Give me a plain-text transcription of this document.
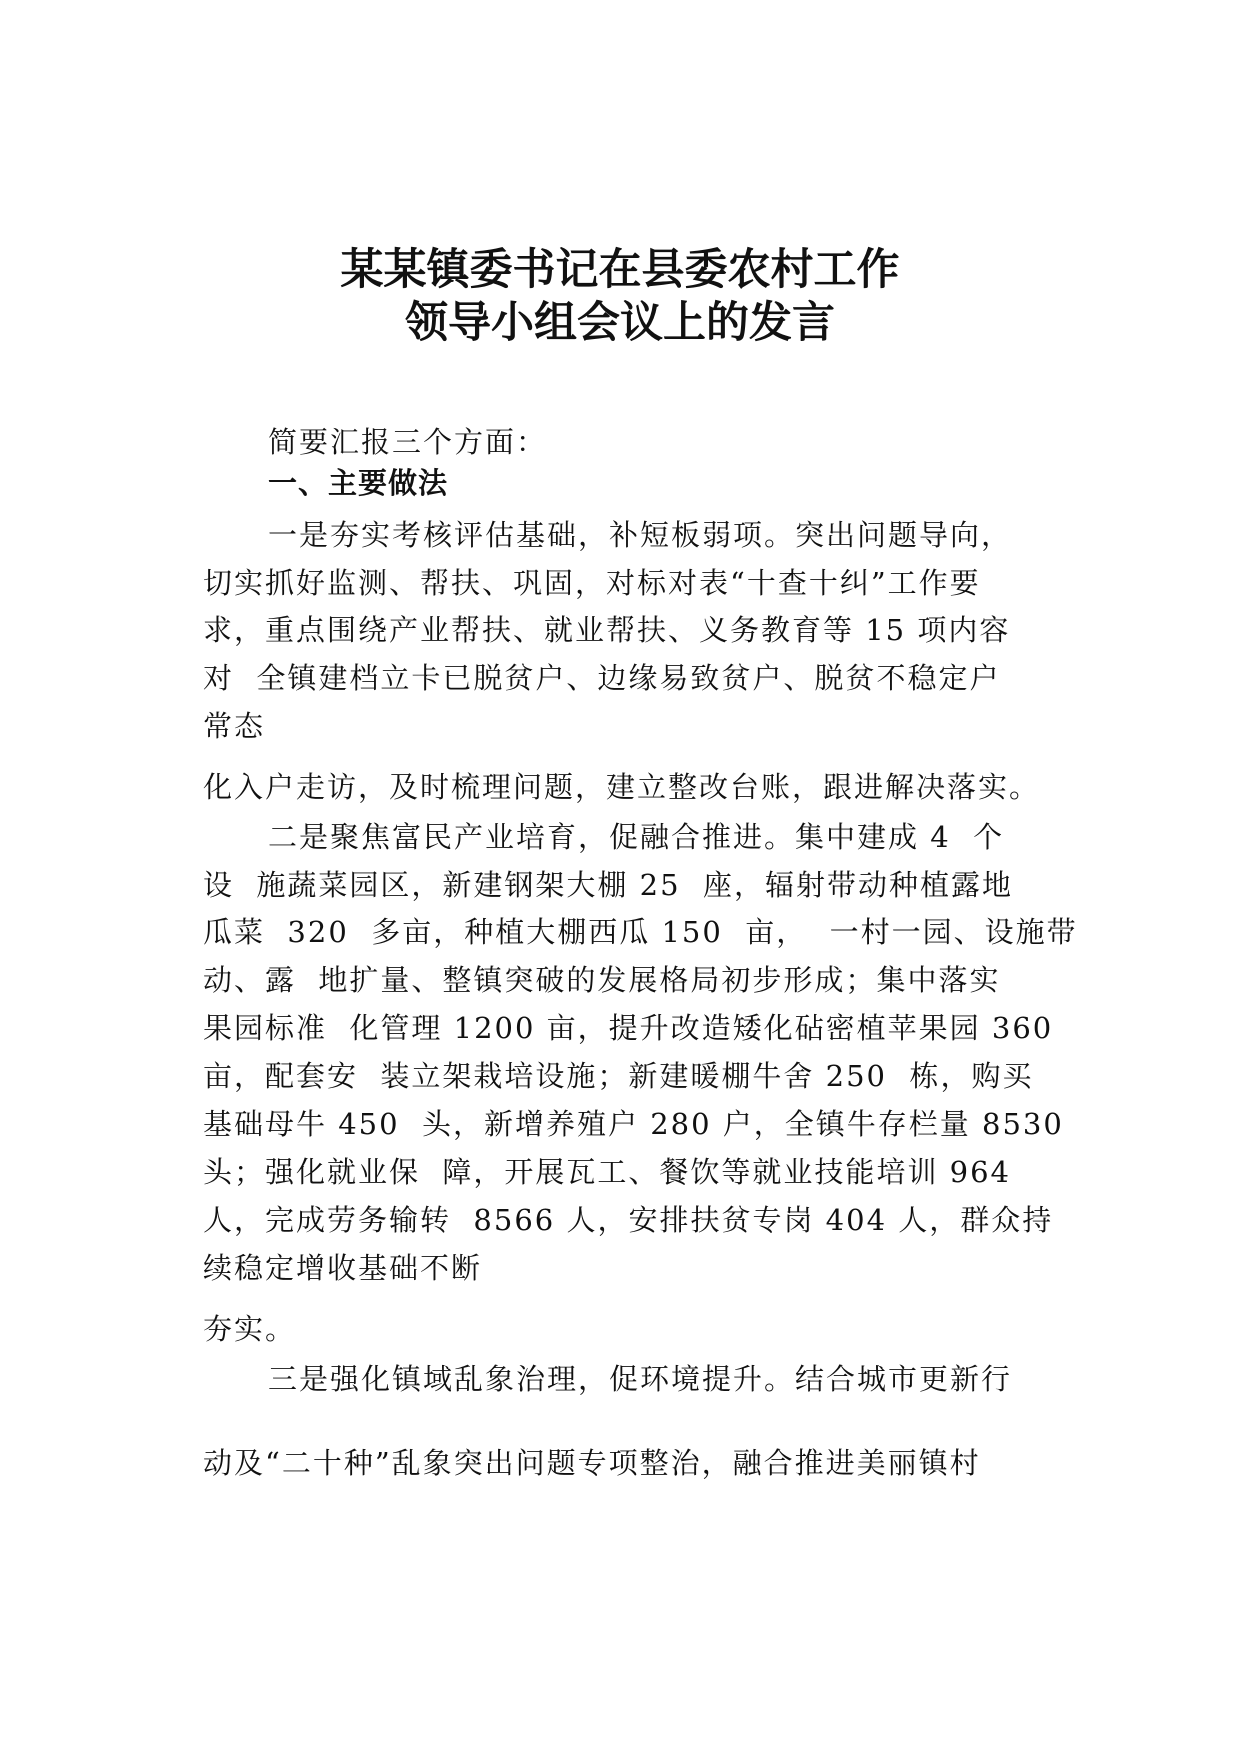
某某镇委书记在县委农村工作
领导小组会议上的发言
简要汇报三个方面：
一、主要做法
一是夯实考核评估基础，补短板弱项。突出问题导向，
切实抓好监测、帮扶、巩固，对标对表“十查十纠”工作要
求，重点围绕产业帮扶、就业帮扶、义务教育等 15 项内容
对  全镇建档立卡已脱贫户、边缘易致贫户、脱贫不稳定户
常态
化入户走访，及时梳理问题，建立整改台账，跟进解决落实。
二是聚焦富民产业培育，促融合推进。集中建成 4  个
设  施蔬菜园区，新建钢架大棚 25  座，辐射带动种植露地
瓜菜  320  多亩，种植大棚西瓜 150  亩，  一村一园、设施带
动、露  地扩量、整镇突破的发展格局初步形成；集中落实
果园标准  化管理 1200 亩，提升改造矮化砧密植苹果园 360
亩，配套安  装立架栽培设施；新建暖棚牛舍 250  栋，购买
基础母牛 450  头，新增养殖户 280 户，全镇牛存栏量 8530
头；强化就业保  障，开展瓦工、餐饮等就业技能培训 964
人，完成劳务输转  8566 人，安排扶贫专岗 404 人，群众持
续稳定增收基础不断
夯实。
三是强化镇域乱象治理，促环境提升。结合城市更新行
动及“二十种”乱象突出问题专项整治，融合推进美丽镇村
